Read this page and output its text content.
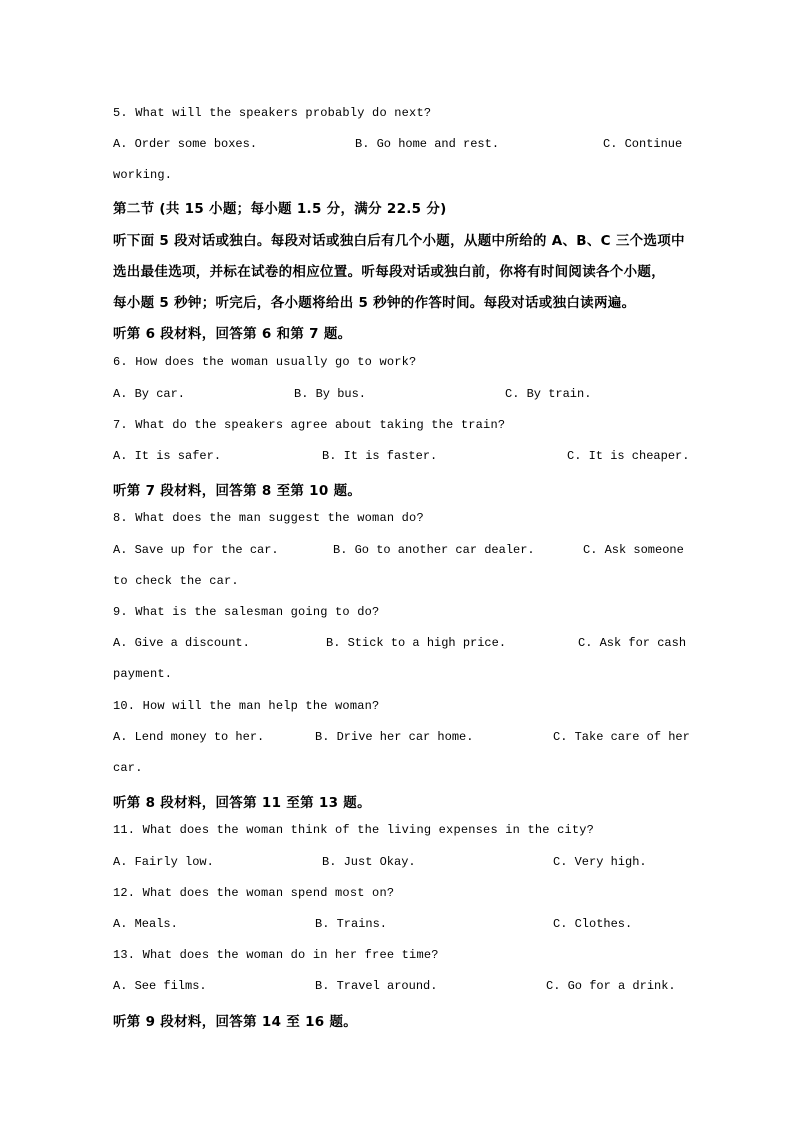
5. What will the speakers probably do next?
A. Order some boxes.	B. Go home and rest.	C. Continue
working.
第二节 (共 15 小题；每小题 1.5 分，满分 22.5 分)
听下面 5 段对话或独白。每段对话或独白后有几个小题，从题中所给的 A、B、C 三个选项中
选出最佳选项，并标在试卷的相应位置。听每段对话或独白前，你将有时间阅读各个小题，
每小题 5 秒钟；听完后，各小题将给出 5 秒钟的作答时间。每段对话或独白读两遍。
听第 6 段材料，回答第 6 和第 7 题。
6. How does the woman usually go to work?
A. By car.	B. By bus.	C. By train.
7. What do the speakers agree about taking the train?
A. It is safer.	B. It is faster.	C. It is cheaper.
听第 7 段材料，回答第 8 至第 10 题。
8. What does the man suggest the woman do?
A. Save up for the car.	B. Go to another car dealer.	C. Ask someone
to check the car.
9. What is the salesman going to do?
A. Give a discount.	B. Stick to a high price.	C. Ask for cash
payment.
10. How will the man help the woman?
A. Lend money to her.	B. Drive her car home.	C. Take care of her
car.
听第 8 段材料，回答第 11 至第 13 题。
11. What does the woman think of the living expenses in the city?
A. Fairly low.	B. Just Okay.	C. Very high.
12. What does the woman spend most on?
A. Meals.	B. Trains.	C. Clothes.
13. What does the woman do in her free time?
A. See films.	B. Travel around.	C. Go for a drink.
听第 9 段材料，回答第 14 至 16 题。
